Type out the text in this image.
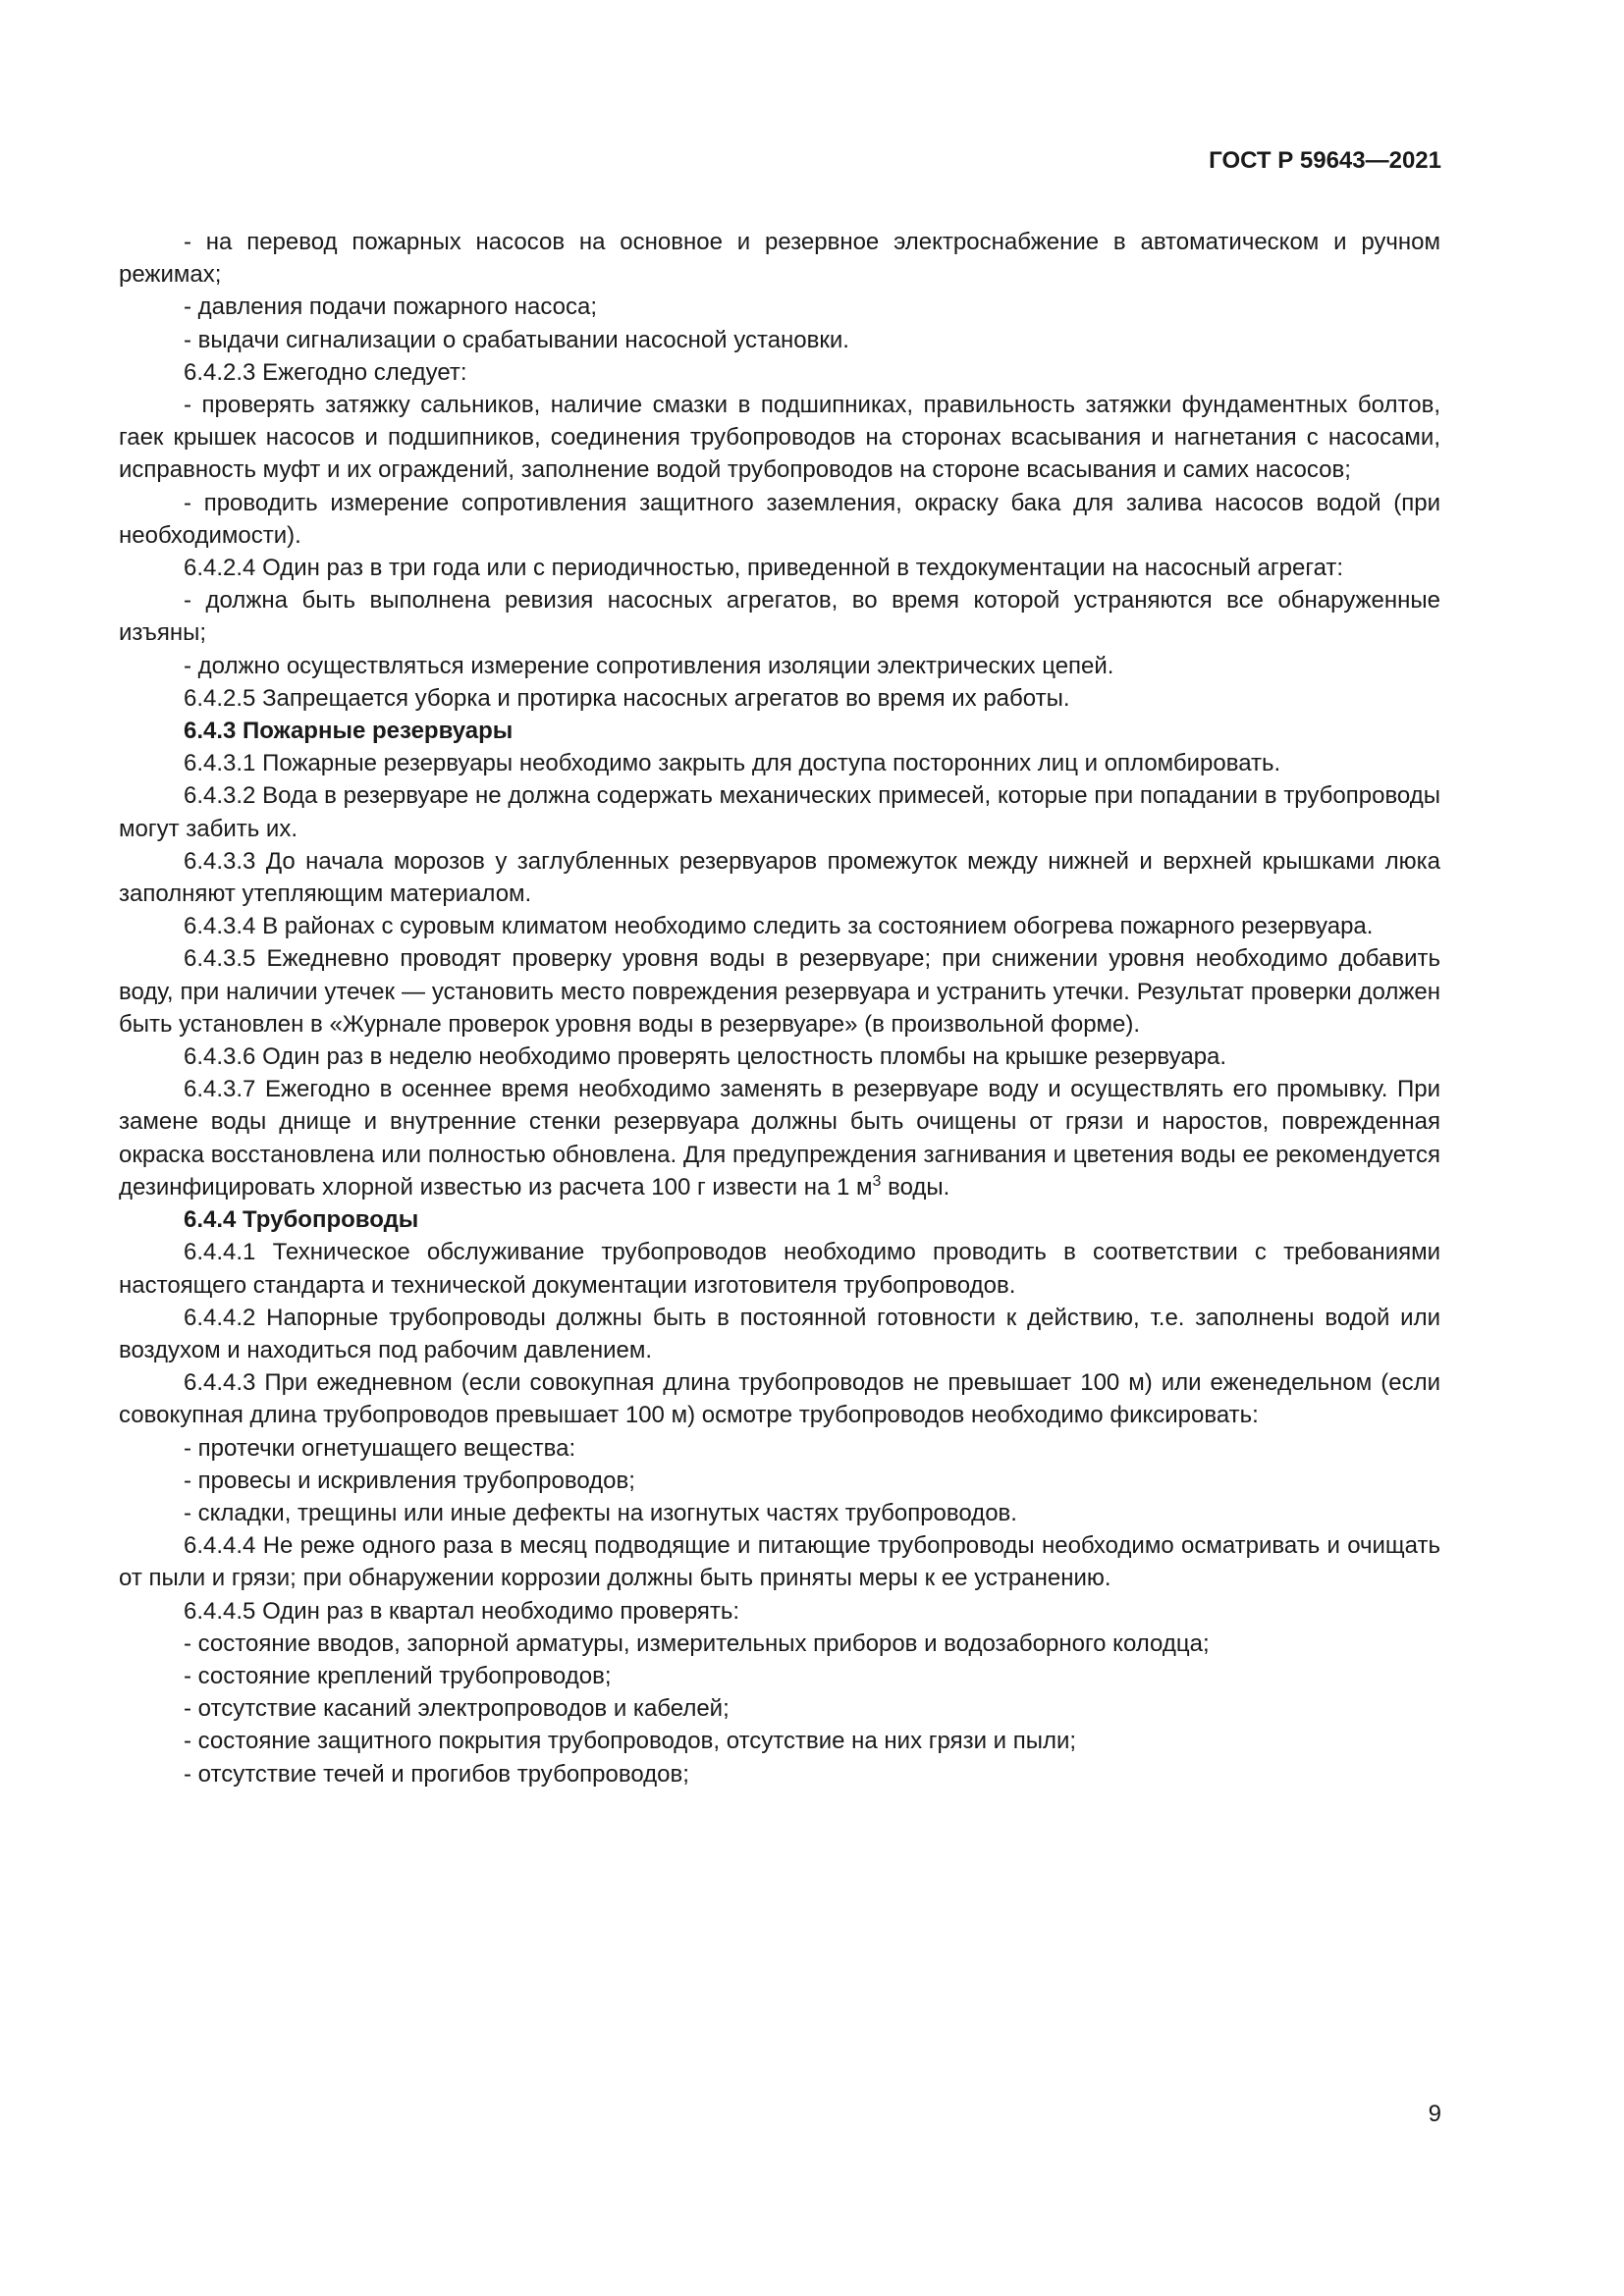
ГОСТ Р 59643—2021

- на перевод пожарных насосов на основное и резервное электроснабжение в автоматическом и ручном режимах;

- давления подачи пожарного насоса;

- выдачи сигнализации о срабатывании насосной установки.

6.4.2.3 Ежегодно следует:

- проверять затяжку сальников, наличие смазки в подшипниках, правильность затяжки фундаментных болтов, гаек крышек насосов и подшипников, соединения трубопроводов на сторонах всасывания и нагнетания с насосами, исправность муфт и их ограждений, заполнение водой трубопроводов на стороне всасывания и самих насосов;

- проводить измерение сопротивления защитного заземления, окраску бака для залива насосов водой (при необходимости).

6.4.2.4 Один раз в три года или с периодичностью, приведенной в техдокументации на насосный агрегат:

- должна быть выполнена ревизия насосных агрегатов, во время которой устраняются все обнаруженные изъяны;

- должно осуществляться измерение сопротивления изоляции электрических цепей.

6.4.2.5 Запрещается уборка и протирка насосных агрегатов во время их работы.

6.4.3 Пожарные резервуары

6.4.3.1 Пожарные резервуары необходимо закрыть для доступа посторонних лиц и опломбировать.

6.4.3.2 Вода в резервуаре не должна содержать механических примесей, которые при попадании в трубопроводы могут забить их.

6.4.3.3 До начала морозов у заглубленных резервуаров промежуток между нижней и верхней крышками люка заполняют утепляющим материалом.

6.4.3.4 В районах с суровым климатом необходимо следить за состоянием обогрева пожарного резервуара.

6.4.3.5 Ежедневно проводят проверку уровня воды в резервуаре; при снижении уровня необходимо добавить воду, при наличии утечек — установить место повреждения резервуара и устранить утечки. Результат проверки должен быть установлен в «Журнале проверок уровня воды в резервуаре» (в произвольной форме).

6.4.3.6 Один раз в неделю необходимо проверять целостность пломбы на крышке резервуара.

6.4.3.7 Ежегодно в осеннее время необходимо заменять в резервуаре воду и осуществлять его промывку. При замене воды днище и внутренние стенки резервуара должны быть очищены от грязи и наростов, поврежденная окраска восстановлена или полностью обновлена. Для предупреждения загнивания и цветения воды ее рекомендуется дезинфицировать хлорной известью из расчета 100 г извести на 1 $м^3$ воды.

6.4.4 Трубопроводы

6.4.4.1 Техническое обслуживание трубопроводов необходимо проводить в соответствии с требованиями настоящего стандарта и технической документации изготовителя трубопроводов.

6.4.4.2 Напорные трубопроводы должны быть в постоянной готовности к действию, т.е. заполнены водой или воздухом и находиться под рабочим давлением.

6.4.4.3 При ежедневном (если совокупная длина трубопроводов не превышает 100 м) или еженедельном (если совокупная длина трубопроводов превышает 100 м) осмотре трубопроводов необходимо фиксировать:

- протечки огнетушащего вещества:

- провесы и искривления трубопроводов;

- складки, трещины или иные дефекты на изогнутых частях трубопроводов.

6.4.4.4 Не реже одного раза в месяц подводящие и питающие трубопроводы необходимо осматривать и очищать от пыли и грязи; при обнаружении коррозии должны быть приняты меры к ее устранению.

6.4.4.5 Один раз в квартал необходимо проверять:

- состояние вводов, запорной арматуры, измерительных приборов и водозаборного колодца;

- состояние креплений трубопроводов;

- отсутствие касаний электропроводов и кабелей;

- состояние защитного покрытия трубопроводов, отсутствие на них грязи и пыли;

- отсутствие течей и прогибов трубопроводов;

9
